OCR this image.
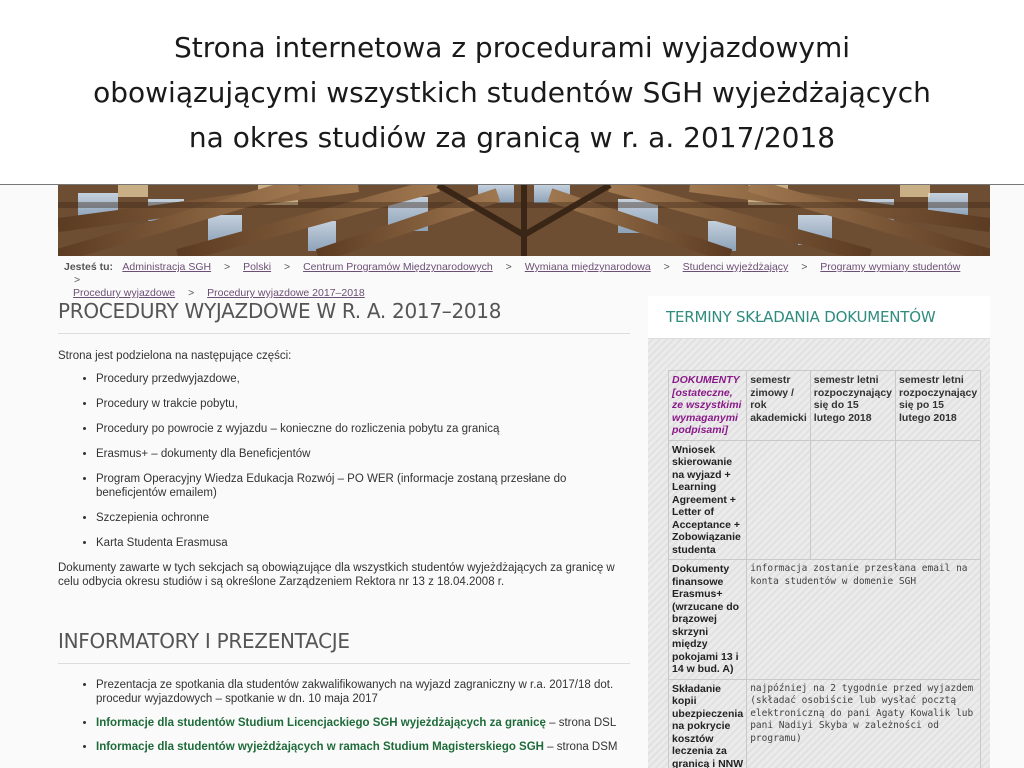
Strona internetowa z procedurami wyjazdowymi
obowiązującymi wszystkich studentów SGH wyjeżdżających
na okres studiów za granicą w r. a. 2017/2018
Jesteś tu: Administracja SGH > Polski > Centrum Programów Międzynarodowych > Wymiana międzynarodowa > Studenci wyjeżdżający > Programy wymiany studentów >
Procedury wyjazdowe > Procedury wyjazdowe 2017–2018
PROCEDURY WYJAZDOWE W R. A. 2017–2018
Strona jest podzielona na następujące części:
• Procedury przedwyjazdowe,
• Procedury w trakcie pobytu,
• Procedury po powrocie z wyjazdu – konieczne do rozliczenia pobytu za granicą
• Erasmus+ – dokumenty dla Beneficjentów
• Program Operacyjny Wiedza Edukacja Rozwój – PO WER (informacje zostaną przesłane do beneficjentów emailem)
• Szczepienia ochronne
• Karta Studenta Erasmusa
Dokumenty zawarte w tych sekcjach są obowiązujące dla wszystkich studentów wyjeżdżających za granicę w celu odbycia okresu studiów i są określone Zarządzeniem Rektora nr 13 z 18.04.2008 r.
INFORMATORY I PREZENTACJE
• Prezentacja ze spotkania dla studentów zakwalifikowanych na wyjazd zagraniczny w r.a. 2017/18 dot. procedur wyjazdowych – spotkanie w dn. 10 maja 2017
• Informacje dla studentów Studium Licencjackiego SGH wyjeżdżających za granicę – strona DSL
• Informacje dla studentów wyjeżdżających w ramach Studium Magisterskiego SGH – strona DSM
TERMINY SKŁADANIA DOKUMENTÓW
DOKUMENTY [ostateczne, ze wszystkimi wymaganymi podpisami]	semestr zimowy / rok akademicki	semestr letni rozpoczynający się do 15 lutego 2018	semestr letni rozpoczynający się po 15 lutego 2018
Wniosek skierowanie na wyjazd + Learning Agreement + Letter of Acceptance + Zobowiązanie studenta			
Dokumenty finansowe Erasmus+ (wrzucane do brązowej skrzyni między pokojami 13 i 14 w bud. A)	informacja zostanie przesłana email na konta studentów w domenie SGH		
Składanie kopii ubezpieczenia na pokrycie kosztów leczenia za granicą i NNW	najpóźniej na 2 tygodnie przed wyjazdem (składać osobiście lub wysłać pocztą elektroniczną do pani Agaty Kowalik lub pani Nadiyi Skyba w zależności od programu)		
